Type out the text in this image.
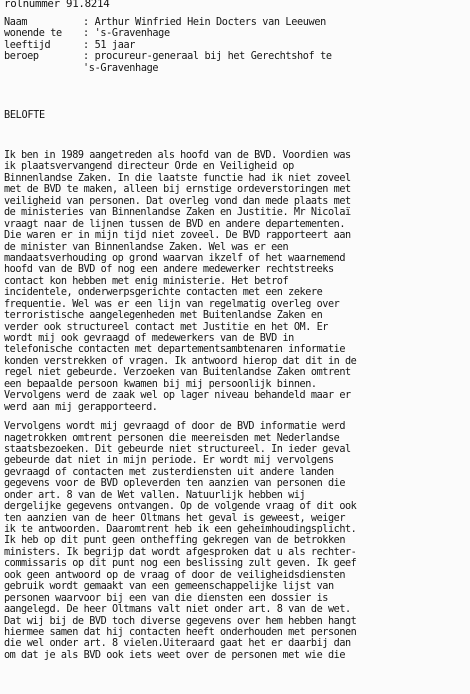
rolnummer 91.8214
Naam	: Arthur Winfried Hein Docters van Leeuwen
wonende te	: 's-Gravenhage
leeftijd	: 51 jaar
beroep	: procureur-generaal bij het Gerechtshof te
's-Gravenhage
BELOFTE

Ik ben in 1989 aangetreden als hoofd van de BVD. Voordien was

ik plaatsvervangend directeur Orde en Veiligheid op

Binnenlandse Zaken. In die laatste functie had ik niet zoveel

met de BVD te maken, alleen bij ernstige ordeverstoringen met

veiligheid van personen. Dat overleg vond dan mede plaats met

de ministeries van Binnenlandse Zaken en Justitie. Mr Nicolaï

vraagt naar de lijnen tussen de BVD en andere departementen.

Die waren er in mijn tijd niet zoveel. De BVD rapporteert aan

de minister van Binnenlandse Zaken. Wel was er een

mandaatsverhouding op grond waarvan ikzelf of het waarnemend

hoofd van de BVD of nog een andere medewerker rechtstreeks

contact kon hebben met enig ministerie. Het betrof

incidentele, onderwerpsgerichte contacten met een zekere

frequentie. Wel was er een lijn van regelmatig overleg over

terroristische aangelegenheden met Buitenlandse Zaken en

verder ook structureel contact met Justitie en het OM. Er

wordt mij ook gevraagd of medewerkers van de BVD in

telefonische contacten met departementsambtenaren informatie

konden verstrekken of vragen. Ik antwoord hierop dat dit in de

regel niet gebeurde. Verzoeken van Buitenlandse Zaken omtrent

een bepaalde persoon kwamen bij mij persoonlijk binnen.

Vervolgens werd de zaak wel op lager niveau behandeld maar er

werd aan mij gerapporteerd.

Vervolgens wordt mij gevraagd of door de BVD informatie werd

nagetrokken omtrent personen die meereisden met Nederlandse

staatsbezoeken. Dit gebeurde niet structureel. In ieder geval

gebeurde dat niet in mijn periode. Er wordt mij vervolgens

gevraagd of contacten met zusterdiensten uit andere landen

gegevens voor de BVD opleverden ten aanzien van personen die

onder art. 8 van de Wet vallen. Natuurlijk hebben wij

dergelijke gegevens ontvangen. Op de volgende vraag of dit ook

ten aanzien van de heer Oltmans het geval is geweest, weiger

ik te antwoorden. Daaromtrent heb ik een geheimhoudingsplicht.

Ik heb op dit punt geen ontheffing gekregen van de betrokken

ministers. Ik begrijp dat wordt afgesproken dat u als rechter-

commissaris op dit punt nog een beslissing zult geven. Ik geef

ook geen antwoord op de vraag of door de veiligheidsdiensten

gebruik wordt gemaakt van een gemeenschappelijke lijst van

personen waarvoor bij een van die diensten een dossier is

aangelegd. De heer Oltmans valt niet onder art. 8 van de wet.

Dat wij bij de BVD toch diverse gegevens over hem hebben hangt

hiermee samen dat hij contacten heeft onderhouden met personen

die wel onder art. 8 vielen.Uiteraard gaat het er daarbij dan

om dat je als BVD ook iets weet over de personen met wie die
